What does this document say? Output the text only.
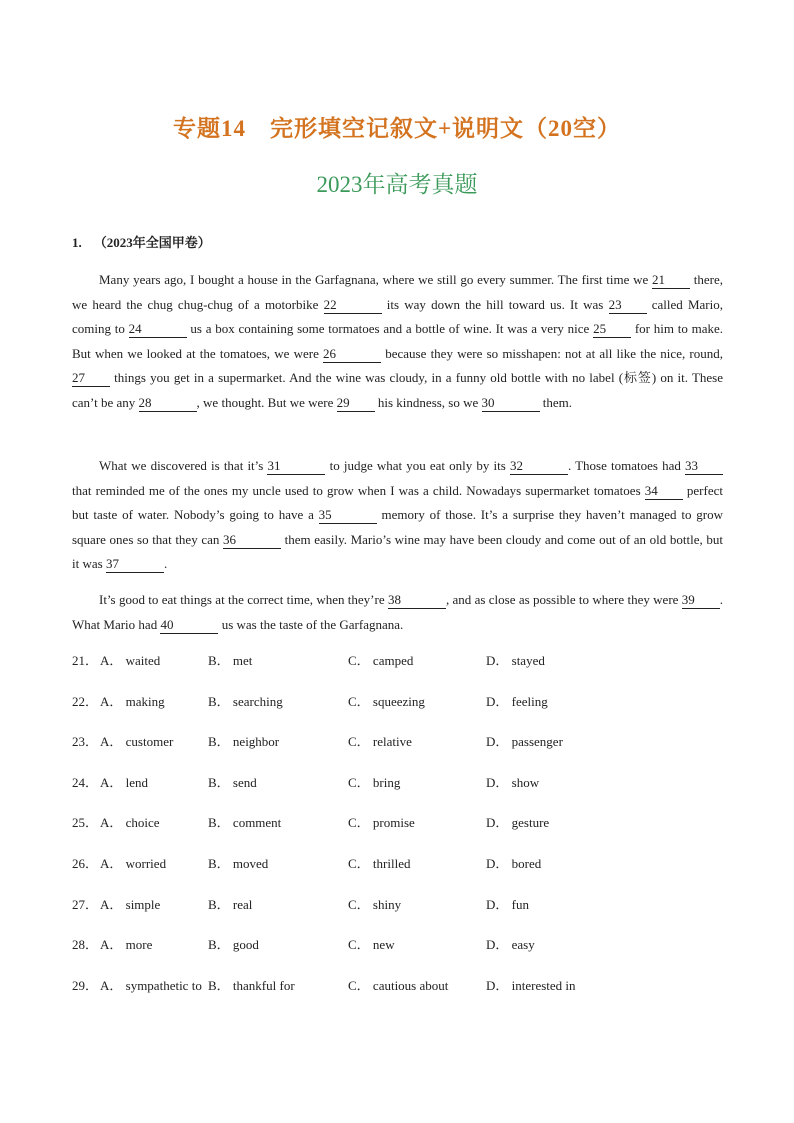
专题14　完形填空记叙文+说明文（20空）
2023年高考真题
1. （2023年全国甲卷）
Many years ago, I bought a house in the Garfagnana, where we still go every summer. The first time we 21 there, we heard the chug chug-chug of a motorbike 22	its way down the hill toward us. It was 23 called Mario, coming to 24	us a box containing some tormatoes and a bottle of wine. It was a very nice 25 for him to make. But when we looked at the tomatoes, we were 26	because they were so misshapen: not at all like the nice, round, 27 things you get in a supermarket. And the wine was cloudy, in a funny old bottle with no label (标签) on it. These can’t be any 28	, we thought. But we were 29 his kindness, so we 30	them.
What we discovered is that it’s 31	to judge what you eat only by its 32	. Those tomatoes had 33 that reminded me of the ones my uncle used to grow when I was a child. Nowadays supermarket tomatoes 34 perfect but taste of water. Nobody’s going to have a 35	memory of those. It’s a surprise they haven’t managed to grow square ones so that they can 36	them easily. Mario’s wine may have been cloudy and come out of an old bottle, but it was 37	.
It’s good to eat things at the correct time, when they’re 38	, and as close as possible to where they were 39 . What Mario had 40	us was the taste of the Garfagnana.
21． A． waited	B． met	C． camped	D． stayed
22． A． making	B． searching	C． squeezing	D． feeling
23． A． customer	B． neighbor	C． relative	D． passenger
24． A． lend	B． send	C． bring	D． show
25． A． choice	B． comment	C． promise	D． gesture
26． A． worried	B． moved	C． thrilled	D． bored
27． A． simple	B． real	C． shiny	D． fun
28． A． more	B． good	C． new	D． easy
29． A． sympathetic to B． thankful for	C． cautious about	D． interested in
